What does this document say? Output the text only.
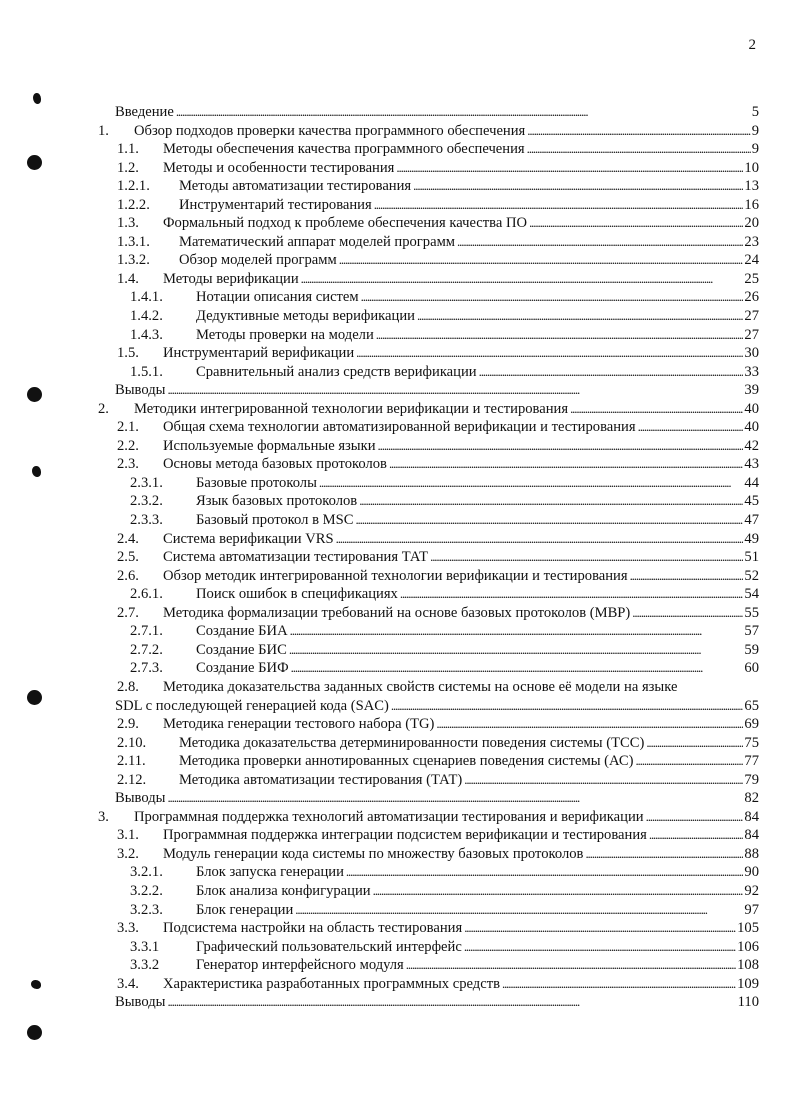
2
Введение . . .	5
1.	Обзор подходов проверки качества программного обеспечения . . .	9
1.1.	Методы обеспечения качества программного обеспечения . . .	9
1.2.	Методы и особенности тестирования . . .	10
1.2.1.	Методы автоматизации тестирования . . .	13
1.2.2.	Инструментарий тестирования . . .	16
1.3.	Формальный подход к проблеме обеспечения качества ПО . . .	20
1.3.1.	Математический аппарат моделей программ . . .	23
1.3.2.	Обзор моделей программ . . .	24
1.4.	Методы верификации . . .	25
1.4.1.	Нотации описания систем . . .	26
1.4.2.	Дедуктивные методы верификации . . .	27
1.4.3.	Методы проверки на модели . . .	27
1.5.	Инструментарий верификации . . .	30
1.5.1.	Сравнительный анализ средств верификации . . .	33
Выводы . . .	39
2.	Методики интегрированной технологии верификации и тестирования . . .	40
2.1.	Общая схема технологии автоматизированной верификации и тестирования . . .	40
2.2.	Используемые формальные языки . . .	42
2.3.	Основы метода базовых протоколов . . .	43
2.3.1.	Базовые протоколы . . .	44
2.3.2.	Язык базовых протоколов . . .	45
2.3.3.	Базовый протокол в MSC . . .	47
2.4.	Система верификации VRS . . .	49
2.5.	Система автоматизации тестирования ТАТ . . .	51
2.6.	Обзор методик интегрированной технологии верификации и тестирования . . .	52
2.6.1.	Поиск ошибок в спецификациях . . .	54
2.7.	Методика формализации требований на основе базовых протоколов (МВР) . . .	55
2.7.1.	Создание БИА . . .	57
2.7.2.	Создание БИС . . .	59
2.7.3.	Создание БИФ . . .	60
2.8.	Методика доказательства заданных свойств системы на основе её модели на языке
SDL с последующей генерацией кода (SAC) . . .	65
2.9.	Методика генерации тестового набора (TG) . . .	69
2.10.	Методика доказательства детерминированности поведения системы (ТСС) . . .	75
2.11.	Методика проверки аннотированных сценариев поведения системы (АС) . . .	77
2.12.	Методика автоматизации тестирования (ТАТ) . . .	79
Выводы . . .	82
3.	Программная поддержка технологий автоматизации тестирования и верификации . . .	84
3.1.	Программная поддержка интеграции подсистем верификации и тестирования . . .	84
3.2.	Модуль генерации кода системы по множеству базовых протоколов . . .	88
3.2.1.	Блок запуска генерации . . .	90
3.2.2.	Блок анализа конфигурации . . .	92
3.2.3.	Блок генерации . . .	97
3.3.	Подсистема настройки на область тестирования . . .	105
3.3.1	Графический пользовательский интерфейс . . .	106
3.3.2	Генератор интерфейсного модуля . . .	108
3.4.	Характеристика разработанных программных средств . . .	109
Выводы . . .	110
